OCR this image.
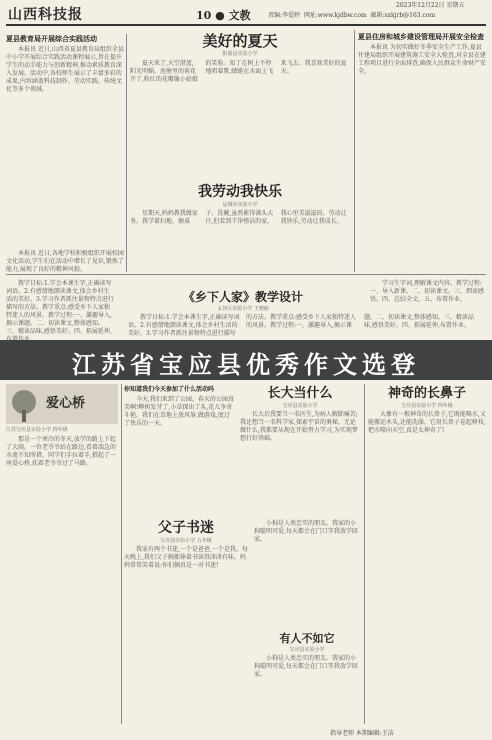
山西科技报	10 ● 文教	责编:李爱婷 网址:www.kjdbw.com 邮箱:sxkjrb@163.com
2023年12月22日 星期五
夏县教育局开展综合实践活动

本报讯 近日,山西省夏县教育局组织全县中小学开展综合实践活动课程展示,旨在提升学生的动手能力与创新精神,推动素质教育深入发展。活动中,各校师生展示了丰富多彩的成果,内容涵盖科技制作、劳动实践、传统文化等多个领域。

本报讯 近日,各地学校积极组织开展校园文化活动,学生们在活动中增长了见识,锻炼了能力,展现了良好的精神风貌。

美好的夏天
阳曲县实验小学

夏天来了,天空湛蓝,阳光明媚。池塘里的荷花开了,粉红的花瓣像小姑娘的笑脸。知了在树上不停地唱着歌,蜻蜓在水面上飞来飞去。我喜欢美好的夏天。

我劳动我快乐
运城市实验小学

星期天,妈妈教我做家务。我学着扫地、擦桌子、洗碗,虽然累得满头大汗,但看到干净整洁的家,我心里美滋滋的。劳动让我快乐,劳动让我成长。

夏县住房和城乡建设管理局开展安全检查

本报讯 为切实做好冬季安全生产工作,夏县住建局组织开展建筑施工安全大检查,对全县在建工程项目进行全面排查,确保人民群众生命财产安全。

教学目标:1.学会本课生字,正确读写词语。2.有感情地朗读课文,体会乡村生活的美好。3.学习作者抓住景物特点进行描写的方法。教学重点:感受乡下人家独特迷人的风景。教学过程:一、激趣导入,揭示课题。二、初读课文,整体感知。三、精读品味,感悟美好。四、拓展延伸,

《乡下人家》教学设计
太谷区实验小学 王晓丽

教学目标:1.学会本课生字,正确读写词语。2.有感情地朗读课文,体会乡村生活的美好。3.学习作者抓住景物特点进行描写的方法。教学重点:感受乡下人家独特迷人的风景。教学过程:一、激趣导入,揭示课题。二、初读课文,整体感知。三、精读品味,感悟美好。四、拓展延伸,布置作业。

学习生字词,理解课文内容。教学过程:一、导入新课。二、初读课文。三、细读感悟。四、总结全文。五、布置作业。

江苏省宝应县优秀作文选登
爱心桥
江苏宝应县实验小学 四年级

那是一个寒冷的冬天,放学的路上下起了大雨。一位老爷爷站在路边,看着湍急的水流不知所措。同学们手拉着手,搭起了一座爱心桥,扶着老爷爷过了马路。

你知道我们今天参加了什么活动吗

今天,我们来到了公园。春天的公园真美啊!柳树发芽了,小草探出了头,花儿争奇斗艳。我们在草地上放风筝,做游戏,度过了快乐的一天。

长大当什么
宝应县实验小学

长大后我要当一名医生,为病人解除痛苦;我还想当一名科学家,探索宇宙的奥秘。无论做什么,我都要从现在开始努力学习,为实现梦想打好基础。

父子书迷
宝应县实验小学 五年级

我家有两个书迷,一个是爸爸,一个是我。每天晚上,我们父子俩都捧着书读得津津有味。妈妈常常笑着说:你们俩真是一对书迷!

小狗是人类忠实的朋友。我家的小狗聪明可爱,每天都会在门口等我放学回家。

有人不如它
宝应县实验小学

小狗是人类忠实的朋友。我家的小狗聪明可爱,每天都会在门口等我放学回家。

神奇的长鼻子
宝应县实验小学 四年级

大象有一根神奇的长鼻子,它既能喝水,又能搬运木头,还能洗澡。它用长鼻子卷起树枝,把水喷向天空,真是太神奇了!

指导老师 本期编辑:王洁
